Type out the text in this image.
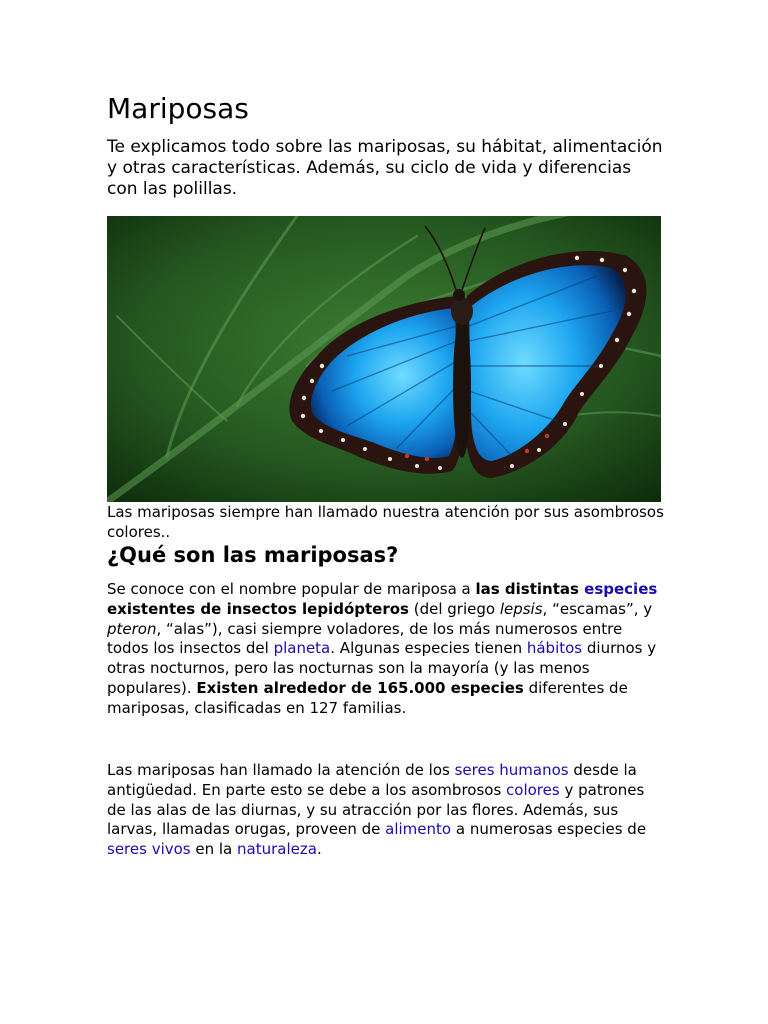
Mariposas

Te explicamos todo sobre las mariposas, su hábitat, alimentación y otras características. Además, su ciclo de vida y diferencias con las polillas.

Las mariposas siempre han llamado nuestra atención por sus asombrosos colores..

¿Qué son las mariposas?

Se conoce con el nombre popular de mariposa a las distintas especies existentes de insectos lepidópteros (del griego lepsis, “escamas”, y pteron, “alas”), casi siempre voladores, de los más numerosos entre todos los insectos del planeta. Algunas especies tienen hábitos diurnos y otras nocturnos, pero las nocturnas son la mayoría (y las menos populares). Existen alrededor de 165.000 especies diferentes de mariposas, clasificadas en 127 familias.

Las mariposas han llamado la atención de los seres humanos desde la antigüedad. En parte esto se debe a los asombrosos colores y patrones de las alas de las diurnas, y su atracción por las flores. Además, sus larvas, llamadas orugas, proveen de alimento a numerosas especies de seres vivos en la naturaleza.
